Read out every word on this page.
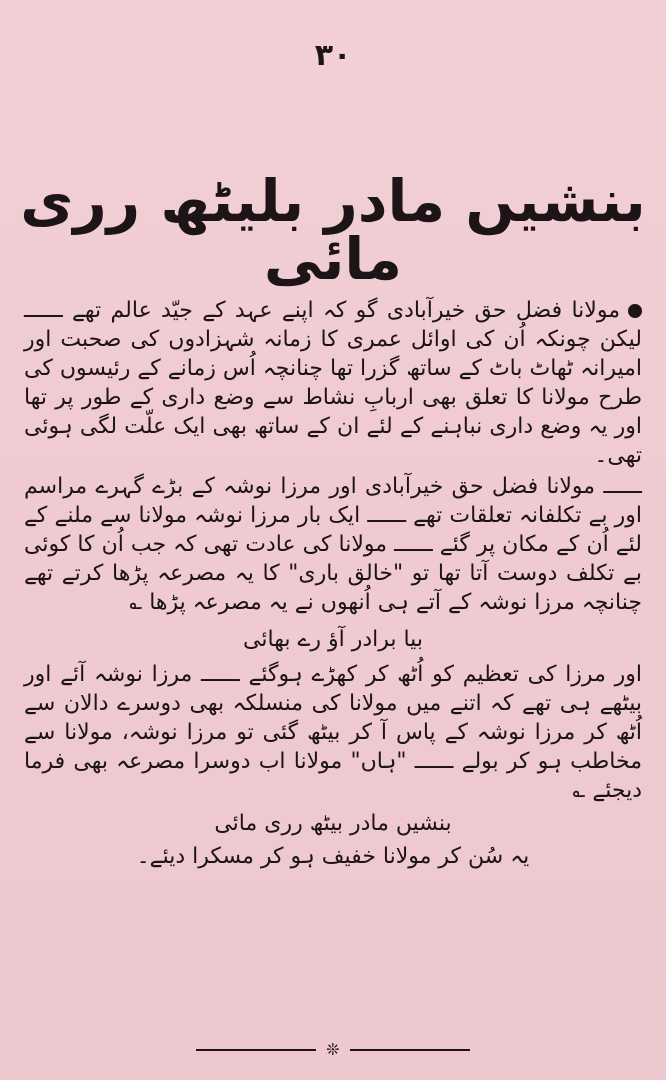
۳۰
بنشیں مادر بلیٹھ رری مائی

مولانا فضل حق خیرآبادی گو کہ اپنے عہد کے جیّد عالم تھے ــــــ لیکن چونکہ اُن کی اوائل عمری کا زمانہ شہزادوں کی صحبت اور امیرانہ ٹھاٹ باٹ کے ساتھ گزرا تھا چنانچہ اُس زمانے کے رئیسوں کی طرح مولانا کا تعلق بھی اربابِ نشاط سے وضع داری کے طور پر تھا اور یہ وضع داری نباہنے کے لئے ان کے ساتھ بھی ایک علّت لگی ہوئی تھی۔

ــــــ مولانا فضل حق خیرآبادی اور مرزا نوشہ کے بڑے گہرے مراسم اور بے تکلفانہ تعلقات تھے ــــــ ایک بار مرزا نوشہ مولانا سے ملنے کے لئے اُن کے مکان پر گئے ــــــ مولانا کی عادت تھی کہ جب اُن کا کوئی بے تکلف دوست آتا تھا تو "خالق باری" کا یہ مصرعہ پڑھا کرتے تھے چنانچہ مرزا نوشہ کے آتے ہی اُنھوں نے یہ مصرعہ پڑھا ؎

بیا برادر آؤ رے بھائی

اور مرزا کی تعظیم کو اُٹھ کر کھڑے ہوگئے ــــــ مرزا نوشہ آئے اور بیٹھے ہی تھے کہ اتنے میں مولانا کی منسلکہ بھی دوسرے دالان سے اُٹھ کر مرزا نوشہ کے پاس آ کر بیٹھ گئی تو مرزا نوشہ، مولانا سے مخاطب ہو کر بولے ــــــ "ہاں" مولانا اب دوسرا مصرعہ بھی فرما دیجئے ؎

بنشیں مادر بیٹھ رری مائی

یہ سُن کر مولانا خفیف ہو کر مسکرا دیئے۔

❊
